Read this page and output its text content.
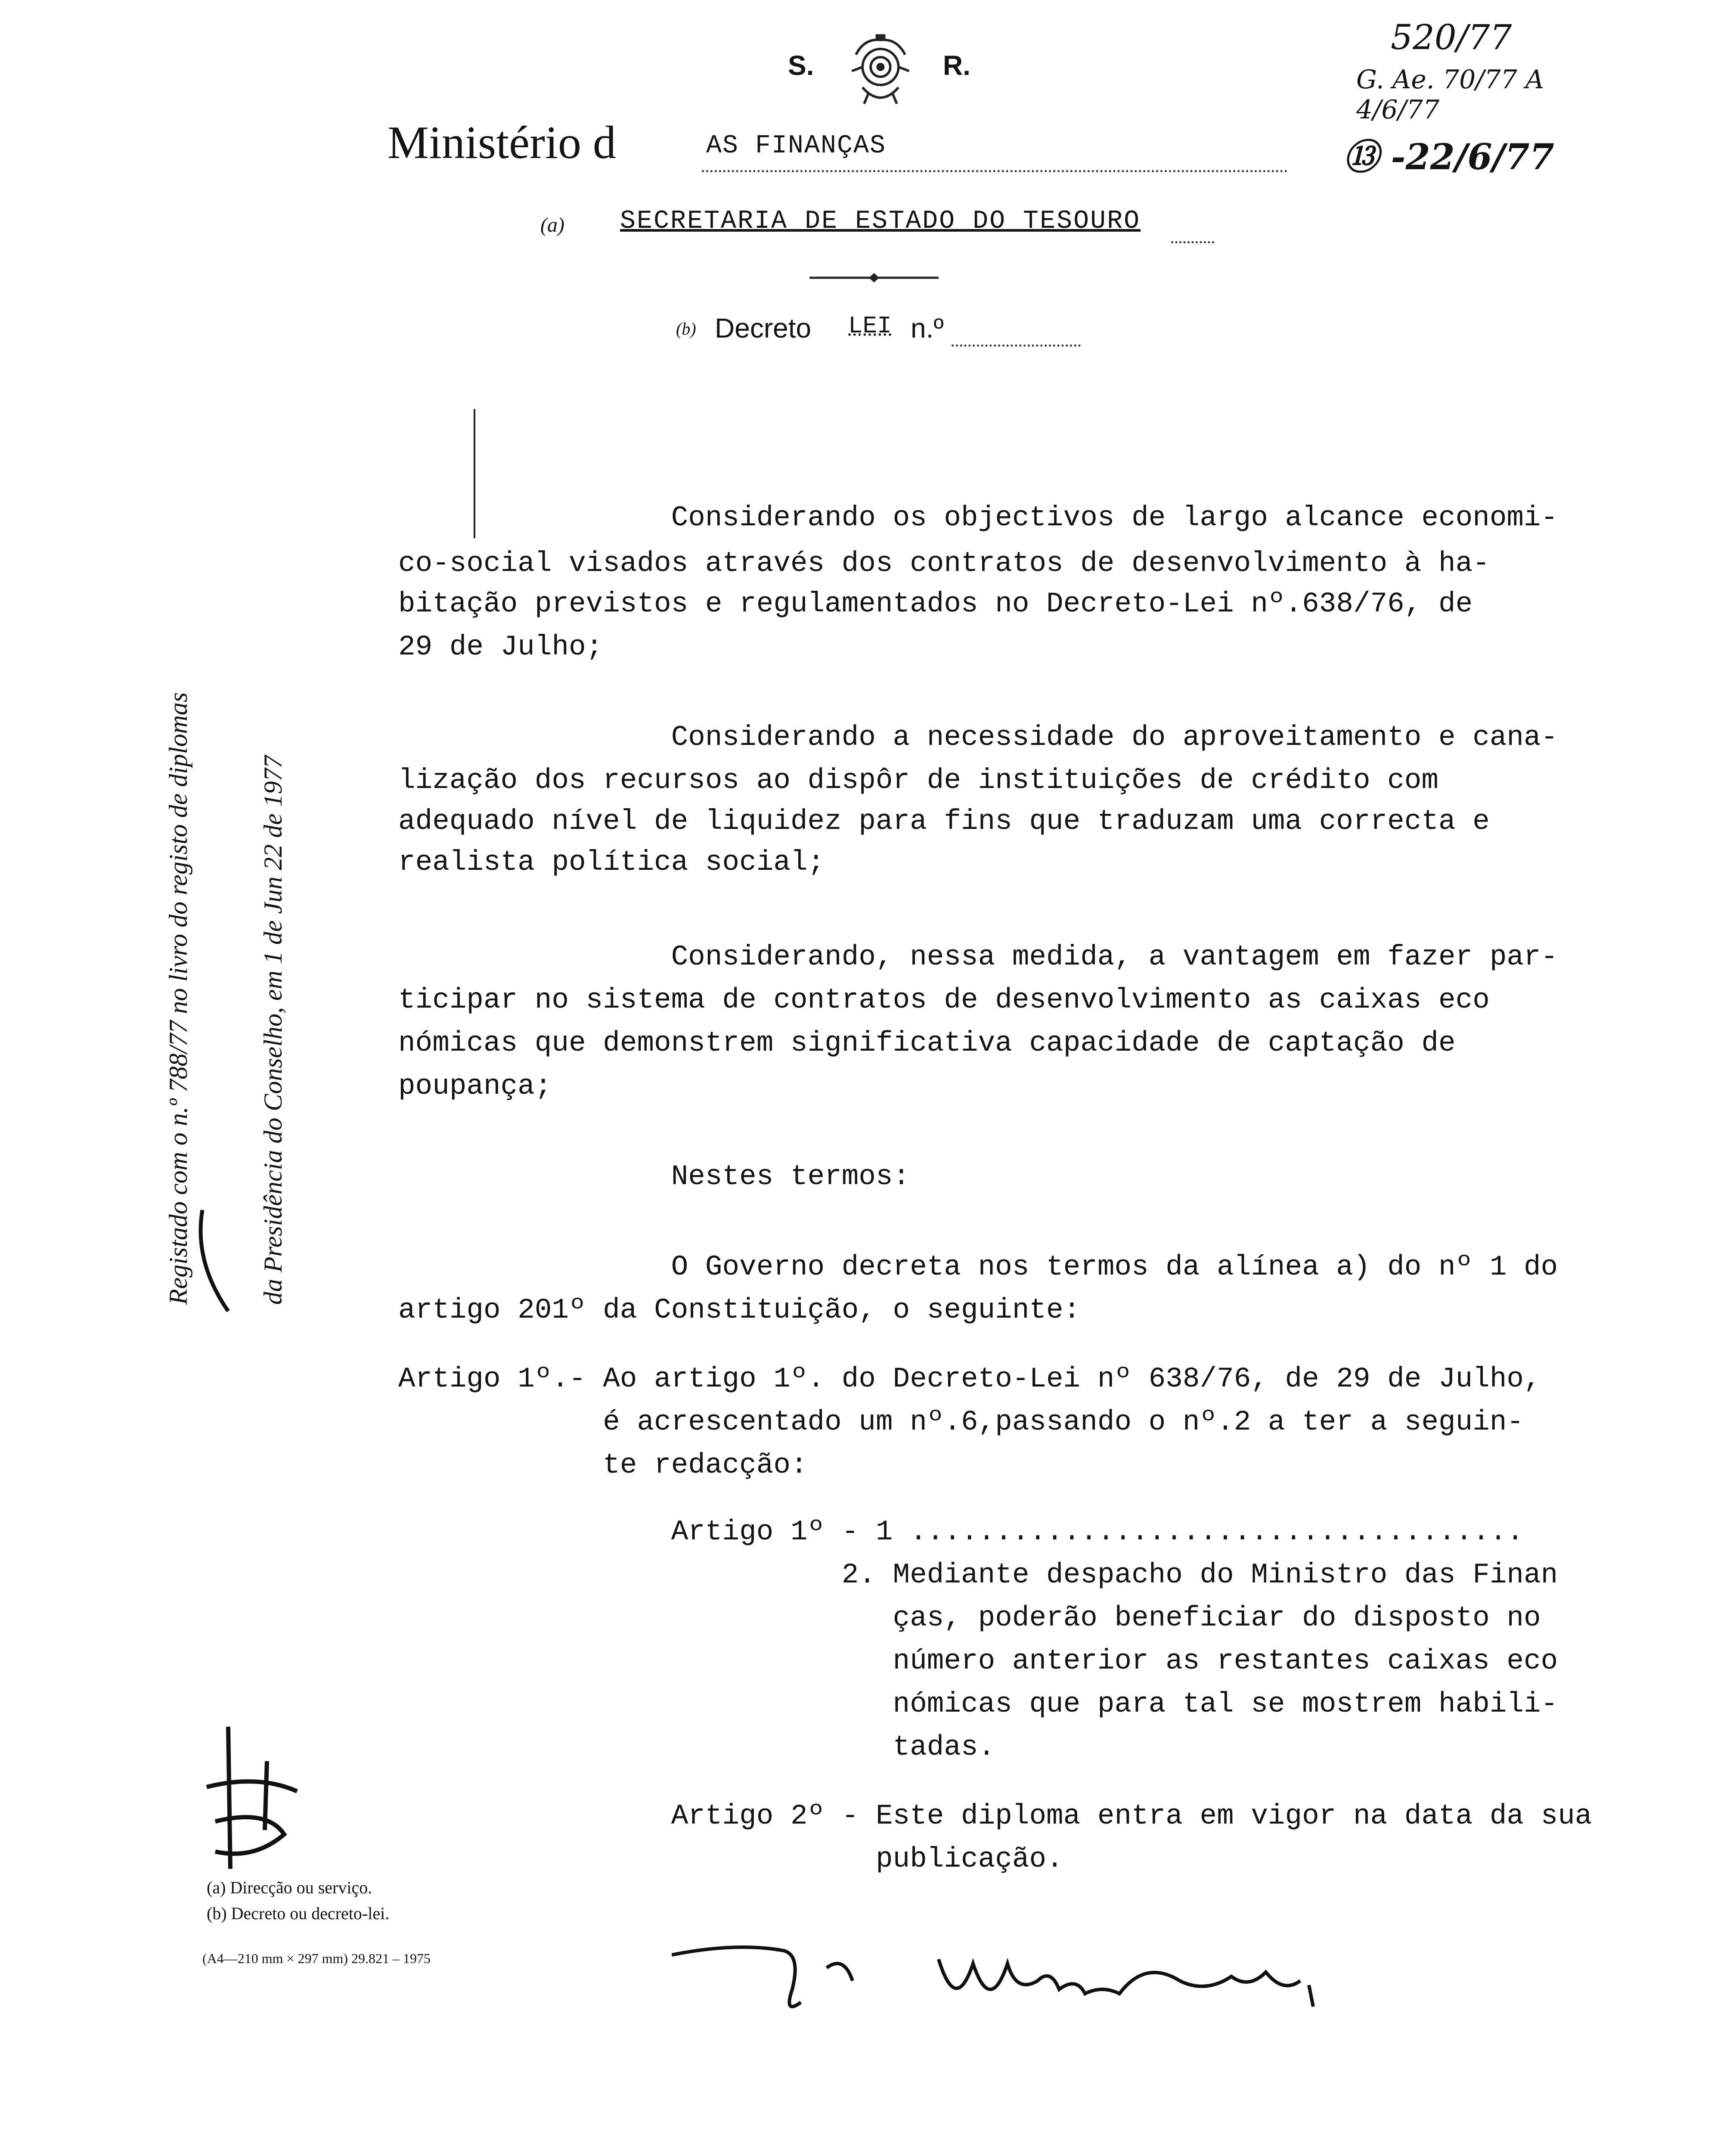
S.	R.
Ministério d	AS FINANÇAS
(a) SECRETARIA DE ESTADO DO TESOURO
(b) Decreto LEI n.º
520/77
G. Ae. 70/77 A 4/6/77
⑬ -22/6/77
Registado com o n.º 788/77 no livro do registo de diplomas	da Presidência do Conselho, em 1 de Jun 22 de 1977
Considerando os objectivos de largo alcance economi-
co-social visados através dos contratos de desenvolvimento à ha-
bitação previstos e regulamentados no Decreto-Lei nº.638/76, de
29 de Julho;
Considerando a necessidade do aproveitamento e cana-
lização dos recursos ao dispôr de instituições de crédito com
adequado nível de liquidez para fins que traduzam uma correcta e
realista política social;
Considerando, nessa medida, a vantagem em fazer par-
ticipar no sistema de contratos de desenvolvimento as caixas eco
nómicas que demonstrem significativa capacidade de captação de
poupança;
Nestes termos:
O Governo decreta nos termos da alínea a) do nº 1 do
artigo 201º da Constituição, o seguinte:
Artigo 1º.- Ao artigo 1º. do Decreto-Lei nº 638/76, de 29 de Julho,
é acrescentado um nº.6,passando o nº.2 a ter a seguin-
te redacção:
Artigo 1º - 1 ....................................
2. Mediante despacho do Ministro das Finan
ças, poderão beneficiar do disposto no
número anterior as restantes caixas eco
nómicas que para tal se mostrem habili-
tadas.
Artigo 2º - Este diploma entra em vigor na data da sua
publicação.
(a) Direcção ou serviço.
(b) Decreto ou decreto-lei.
(A4—210 mm × 297 mm) 29.821 – 1975
